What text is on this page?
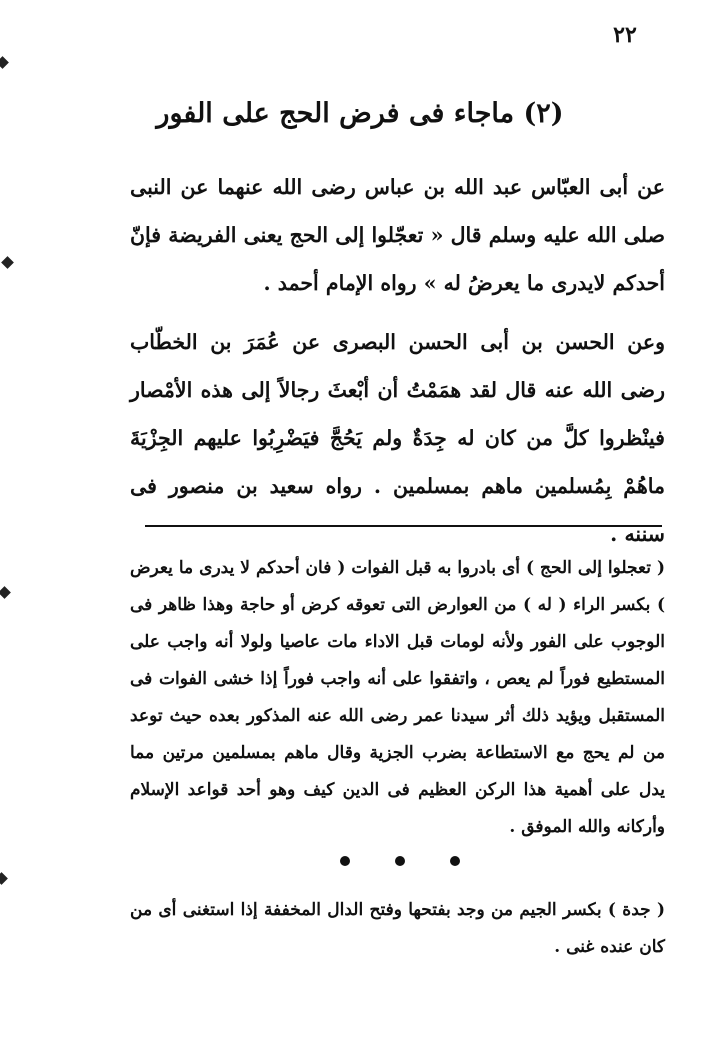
٢٢
(٢) ماجاء فى فرض الحج على الفور
عن أبى العبّاس عبد الله بن عباس رضى الله عنهما عن النبى صلى الله عليه وسلم قال « تعجّلوا إلى الحج يعنى الفريضة فإنّ أحدكم لايدرى ما يعرضُ له » رواه الإمام أحمد .
وعن الحسن بن أبى الحسن البصرى عن عُمَرَ بن الخطّاب رضى الله عنه قال لقد همَمْتُ أن أبْعثَ رجالاً إلى هذه الأمْصار فينْظروا كلَّ من كان له جِدَةٌ ولم يَحُجَّ فيَضْرِبُوا عليهم الجِزْيَةَ ماهُمْ بِمُسلمين ماهم بمسلمين . رواه سعيد بن منصور فى سننه .
( تعجلوا إلى الحج ) أى بادروا به قبل الفوات ( فان أحدكم لا يدرى ما يعرض ) بكسر الراء ( له ) من العوارض التى تعوقه كرض أو حاجة وهذا ظاهر فى الوجوب على الفور ولأنه لومات قبل الاداء مات عاصيا ولولا أنه واجب على المستطيع فوراً لم يعص ، واتفقوا على أنه واجب فوراً إذا خشى الفوات فى المستقبل ويؤيد ذلك أثر سيدنا عمر رضى الله عنه المذكور بعده حيث توعد من لم يحج مع الاستطاعة بضرب الجزية وقال ماهم بمسلمين مرتين مما يدل على أهمية هذا الركن العظيم فى الدين كيف وهو أحد قواعد الإسلام وأركانه والله الموفق .
( جدة ) بكسر الجيم من وجد بفتحها وفتح الدال المخففة إذا استغنى أى من كان عنده غنى .
